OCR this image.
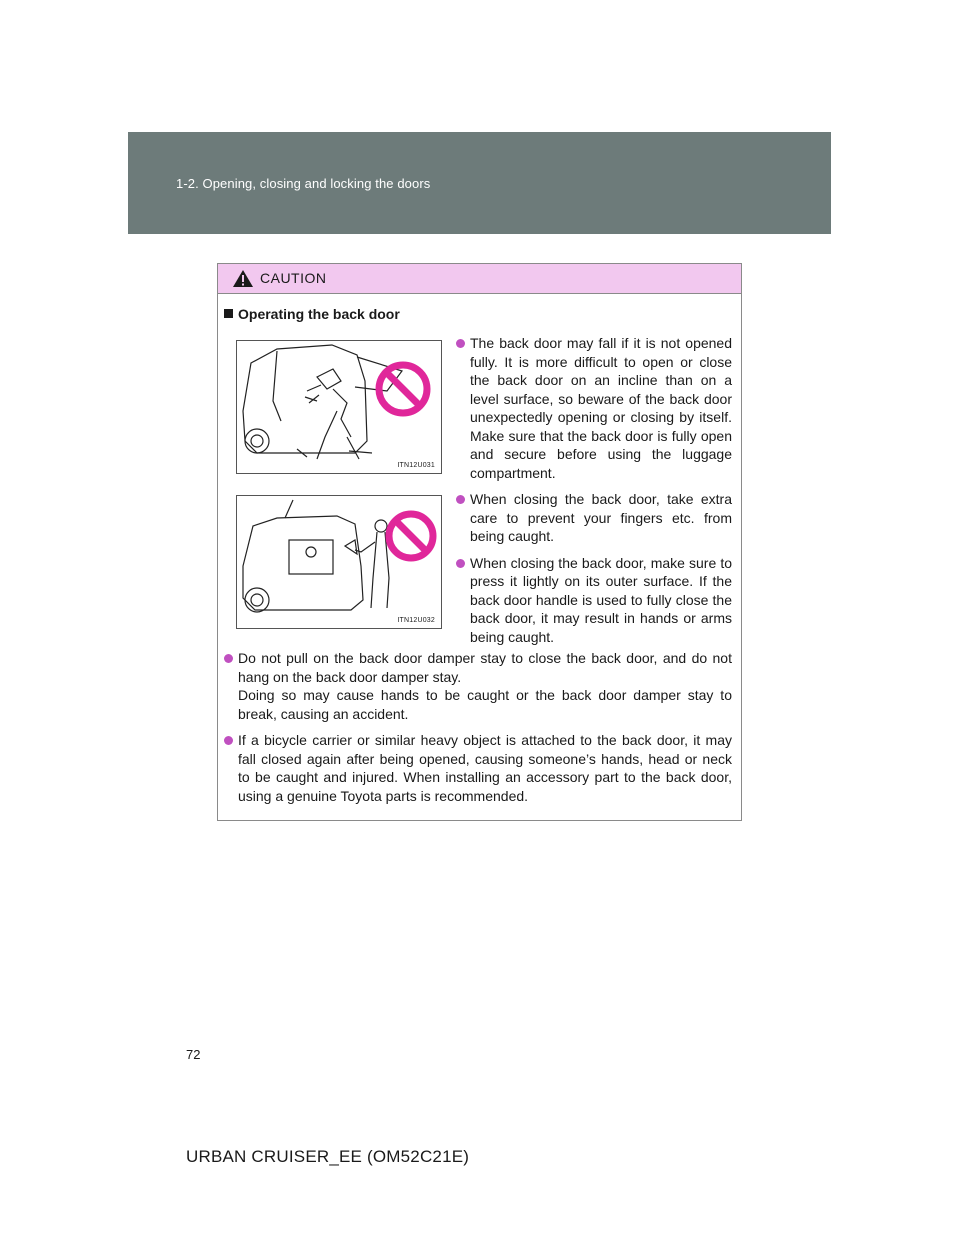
1-2. Opening, closing and locking the doors
CAUTION
Operating the back door
ITN12U031
ITN12U032
The back door may fall if it is not opened fully. It is more difficult to open or close the back door on an incline than on a level surface, so beware of the back door unexpectedly opening or closing by itself. Make sure that the back door is fully open and secure before using the luggage compartment.
When closing the back door, take extra care to prevent your fingers etc. from being caught.
When closing the back door, make sure to press it lightly on its outer surface. If the back door handle is used to fully close the back door, it may result in hands or arms being caught.
Do not pull on the back door damper stay to close the back door, and do not hang on the back door damper stay.
Doing so may cause hands to be caught or the back door damper stay to break, causing an accident.
If a bicycle carrier or similar heavy object is attached to the back door, it may fall closed again after being opened, causing someone’s hands, head or neck to be caught and injured. When installing an accessory part to the back door, using a genuine Toyota parts is recommended.
72
URBAN CRUISER_EE (OM52C21E)
